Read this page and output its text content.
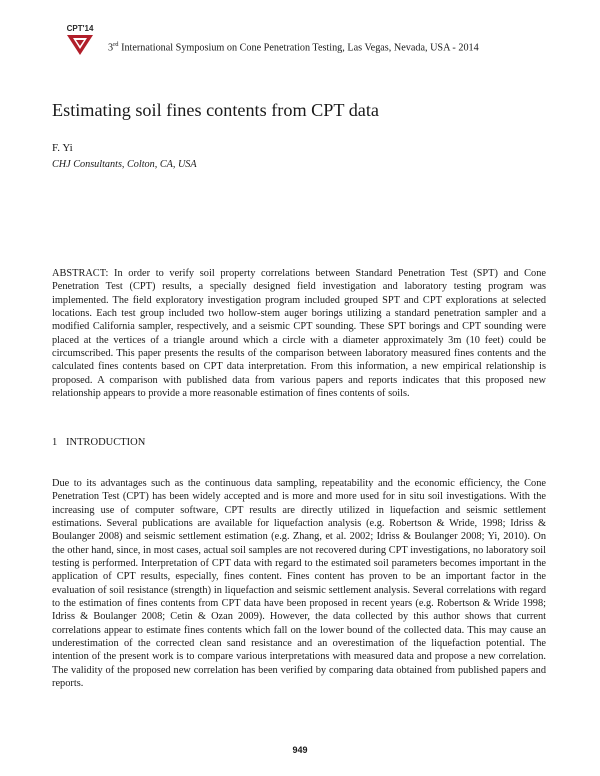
CPT'14
3rd International Symposium on Cone Penetration Testing, Las Vegas, Nevada, USA - 2014
Estimating soil fines contents from CPT data
F. Yi
CHJ Consultants, Colton, CA, USA

ABSTRACT: In order to verify soil property correlations between Standard Penetration Test (SPT) and Cone Penetration Test (CPT) results, a specially designed field investigation and laboratory testing program was implemented. The field exploratory investigation program included grouped SPT and CPT explorations at selected locations. Each test group included two hollow-stem auger borings utilizing a standard penetration sampler and a modified California sampler, respectively, and a seismic CPT sounding. These SPT borings and CPT sounding were placed at the vertices of a triangle around which a circle with a diameter approximately 3m (10 feet) could be circumscribed. This paper presents the results of the comparison between laboratory measured fines contents and the calculated fines contents based on CPT data interpretation. From this information, a new empirical relationship is proposed. A comparison with published data from various papers and reports indicates that this proposed new relationship appears to provide a more reasonable estimation of fines contents of soils.

1 INTRODUCTION

Due to its advantages such as the continuous data sampling, repeatability and the economic efficiency, the Cone Penetration Test (CPT) has been widely accepted and is more and more used for in situ soil investigations. With the increasing use of computer software, CPT results are directly utilized in liquefaction and seismic settlement estimations. Several publications are available for liquefaction analysis (e.g. Robertson & Wride, 1998; Idriss & Boulanger 2008) and seismic settlement estimation (e.g. Zhang, et al. 2002; Idriss & Boulanger 2008; Yi, 2010). On the other hand, since, in most cases, actual soil samples are not recovered during CPT investigations, no laboratory soil testing is performed. Interpretation of CPT data with regard to the estimated soil parameters becomes important in the application of CPT results, especially, fines content. Fines content has proven to be an important factor in the evaluation of soil resistance (strength) in liquefaction and seismic settlement analysis. Several correlations with regard to the estimation of fines contents from CPT data have been proposed in recent years (e.g. Robertson & Wride 1998; Idriss & Boulanger 2008; Cetin & Ozan 2009). However, the data collected by this author shows that current correlations appear to estimate fines contents which fall on the lower bound of the collected data. This may cause an underestimation of the corrected clean sand resistance and an overestimation of the liquefaction potential. The intention of the present work is to compare various interpretations with measured data and propose a new correlation. The validity of the proposed new correlation has been verified by comparing data obtained from published papers and reports.

949
